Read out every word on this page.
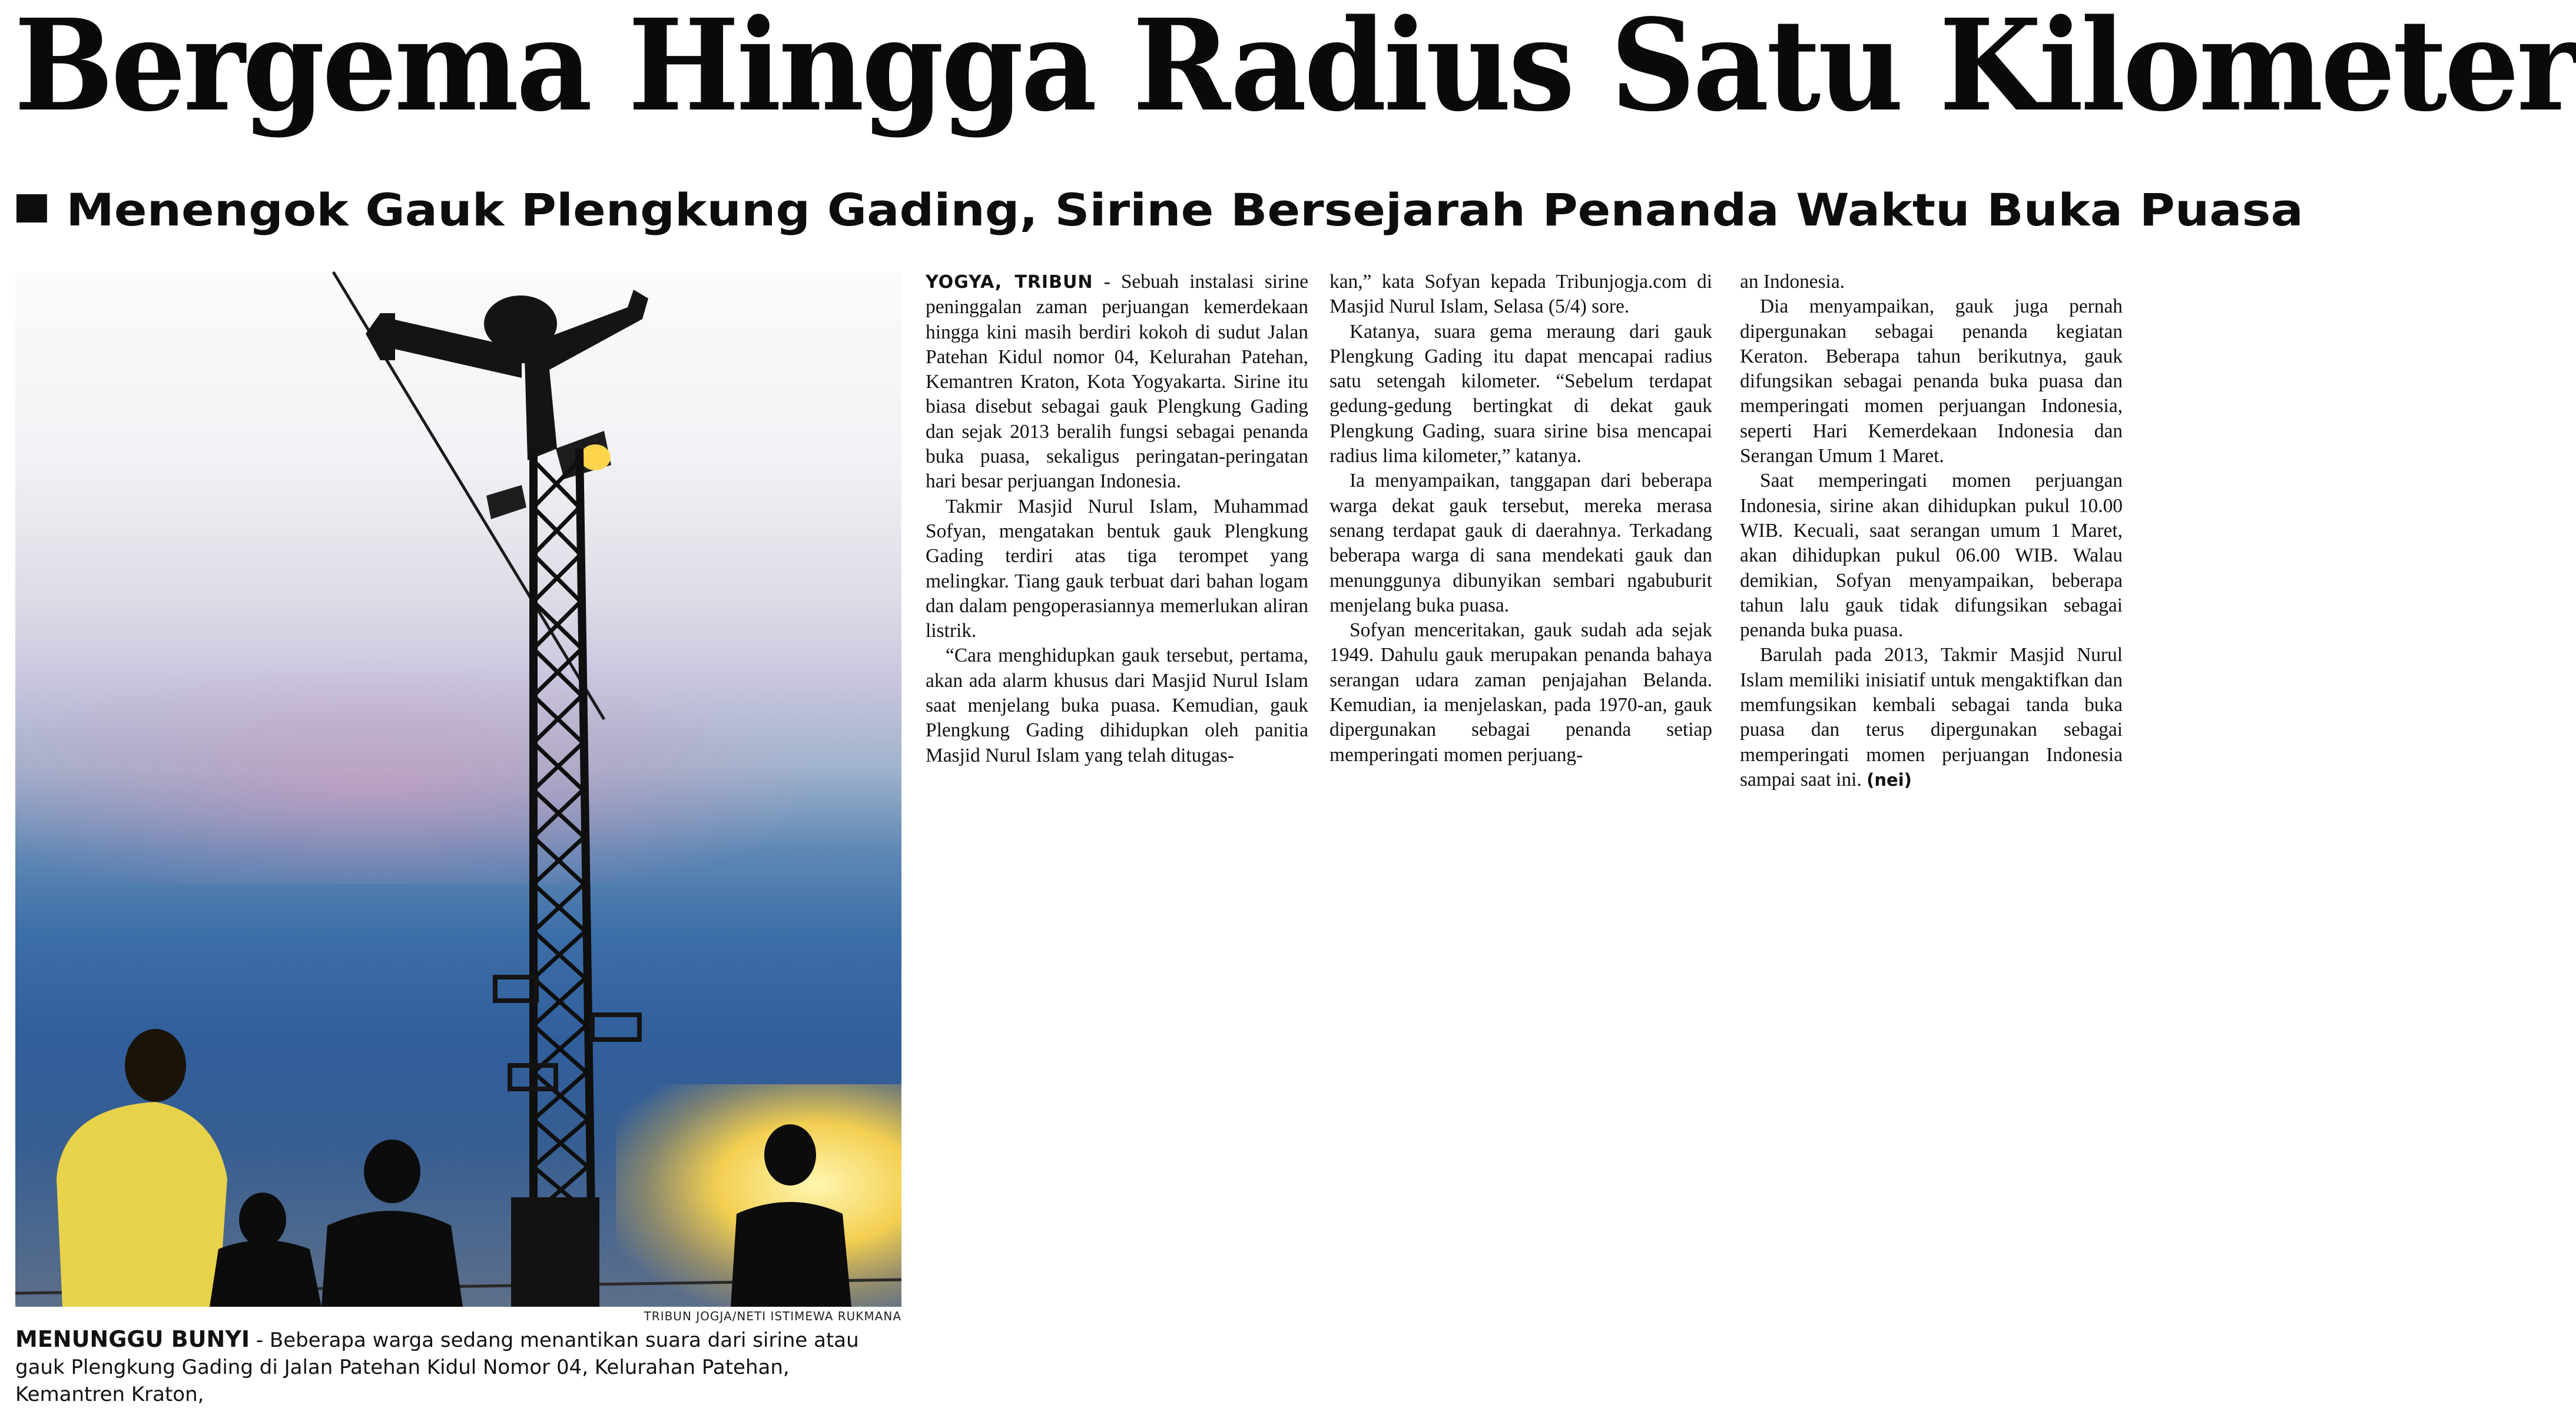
Bergema Hingga Radius Satu Kilometer
Menengok Gauk Plengkung Gading, Sirine Bersejarah Penanda Waktu Buka Puasa

TRIBUN JOGJA/NETI ISTIMEWA RUKMANA

MENUNGGU BUNYI - Beberapa warga sedang menantikan suara dari sirine atau gauk Plengkung Gading di Jalan Patehan Kidul Nomor 04, Kelurahan Patehan, Kemantren Kraton,

YOGYA, TRIBUN - Sebuah instalasi sirine peninggalan zaman perjuangan kemerdekaan hingga kini masih berdiri kokoh di sudut Jalan Patehan Kidul nomor 04, Kelurahan Patehan, Kemantren Kraton, Kota Yogyakarta. Sirine itu biasa disebut sebagai gauk Plengkung Gading dan sejak 2013 beralih fungsi sebagai penanda buka puasa, sekaligus peringatan-peringatan hari besar perjuangan Indonesia.

Takmir Masjid Nurul Islam, Muhammad Sofyan, mengatakan bentuk gauk Plengkung Gading terdiri atas tiga terompet yang melingkar. Tiang gauk terbuat dari bahan logam dan dalam pengoperasiannya memerlukan aliran listrik.

“Cara menghidupkan gauk tersebut, pertama, akan ada alarm khusus dari Masjid Nurul Islam saat menjelang buka puasa. Kemudian, gauk Plengkung Gading dihidupkan oleh panitia Masjid Nurul Islam yang telah ditugas-

kan,” kata Sofyan kepada Tribunjogja.com di Masjid Nurul Islam, Selasa (5/4) sore.

Katanya, suara gema meraung dari gauk Plengkung Gading itu dapat mencapai radius satu setengah kilometer. “Sebelum terdapat gedung-gedung bertingkat di dekat gauk Plengkung Gading, suara sirine bisa mencapai radius lima kilometer,” katanya.

Ia menyampaikan, tanggapan dari beberapa warga dekat gauk tersebut, mereka merasa senang terdapat gauk di daerahnya. Terkadang beberapa warga di sana mendekati gauk dan menunggunya dibunyikan sembari ngabuburit menjelang buka puasa.

Sofyan menceritakan, gauk sudah ada sejak 1949. Dahulu gauk merupakan penanda bahaya serangan udara zaman penjajahan Belanda. Kemudian, ia menjelaskan, pada 1970-an, gauk dipergunakan sebagai penanda setiap memperingati momen perjuang-

an Indonesia.

Dia menyampaikan, gauk juga pernah dipergunakan sebagai penanda kegiatan Keraton. Beberapa tahun berikutnya, gauk difungsikan sebagai penanda buka puasa dan memperingati momen perjuangan Indonesia, seperti Hari Kemerdekaan Indonesia dan Serangan Umum 1 Maret.

Saat memperingati momen perjuangan Indonesia, sirine akan dihidupkan pukul 10.00 WIB. Kecuali, saat serangan umum 1 Maret, akan dihidupkan pukul 06.00 WIB. Walau demikian, Sofyan menyampaikan, beberapa tahun lalu gauk tidak difungsikan sebagai penanda buka puasa.

Barulah pada 2013, Takmir Masjid Nurul Islam memiliki inisiatif untuk mengaktifkan dan memfungsikan kembali sebagai tanda buka puasa dan terus dipergunakan sebagai memperingati momen perjuangan Indonesia sampai saat ini. (nei)
